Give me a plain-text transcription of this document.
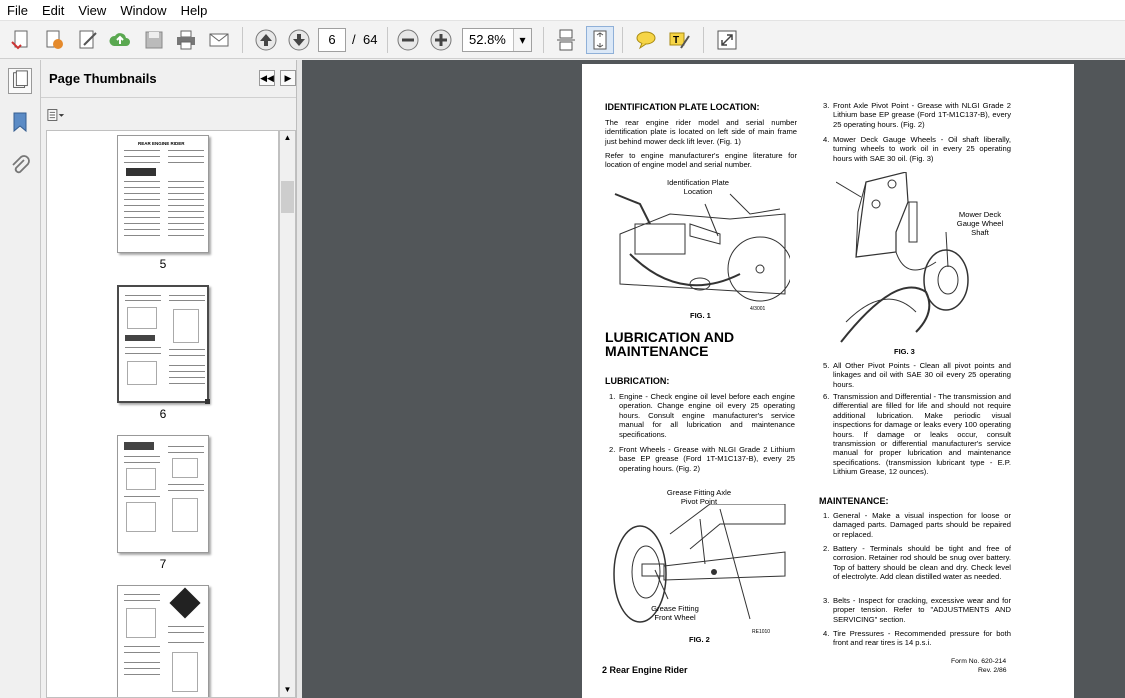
File	Edit	View	Window	Help
6	/ 64	52.8%	▾	T
Page Thumbnails	◀◀	▶
REAR ENGINE RIDER
5
6
7
▲
▼
IDENTIFICATION PLATE LOCATION:
The rear engine rider model and serial number identification plate is located on left side of main frame just behind mower deck lift lever. (Fig. 1)
Refer to engine manufacturer's engine literature for location of engine model and serial number.
Identification Plate Location
4/3001
FIG. 1
LUBRICATION AND
MAINTENANCE
LUBRICATION:
1. Engine - Check engine oil level before each engine operation. Change engine oil every 25 operating hours. Consult engine manufacturer's service manual for all lubrication and maintenance specifications.
2. Front Wheels - Grease with NLGI Grade 2 Lithium base EP grease (Ford 1T-M1C137-B), every 25 operating hours. (Fig. 2)
Grease Fitting Axle Pivot Point
Grease Fitting Front Wheel
RE1010
FIG. 2
2 Rear Engine Rider
3. Front Axle Pivot Point - Grease with NLGI Grade 2 Lithium base EP grease (Ford 1T-M1C137-B), every 25 operating hours. (Fig. 2)
4. Mower Deck Gauge Wheels - Oil shaft liberally, turning wheels to work oil in every 25 operating hours with SAE 30 oil. (Fig. 3)
Mower Deck Gauge Wheel Shaft
FIG. 3
5. All Other Pivot Points - Clean all pivot points and linkages and oil with SAE 30 oil every 25 operating hours.
6. Transmission and Differential - The transmission and differential are filled for life and should not require additional lubrication. Make periodic visual inspections for damage or leaks every 100 operating hours. If damage or leaks occur, consult transmission or differential manufacturer's service manual for proper lubrication and maintenance specifications. (transmission lubricant type - E.P. Lithium Grease, 12 ounces).
MAINTENANCE:
1. General - Make a visual inspection for loose or damaged parts. Damaged parts should be repaired or replaced.
2. Battery - Terminals should be tight and free of corrosion. Retainer rod should be snug over battery. Top of battery should be clean and dry. Check level of electrolyte. Add clean distilled water as needed.
3. Belts - Inspect for cracking, excessive wear and for proper tension. Refer to "ADJUSTMENTS AND SERVICING" section.
4. Tire Pressures - Recommended pressure for both front and rear tires is 14 p.s.i.
Form No. 620-214
Rev. 2/86
